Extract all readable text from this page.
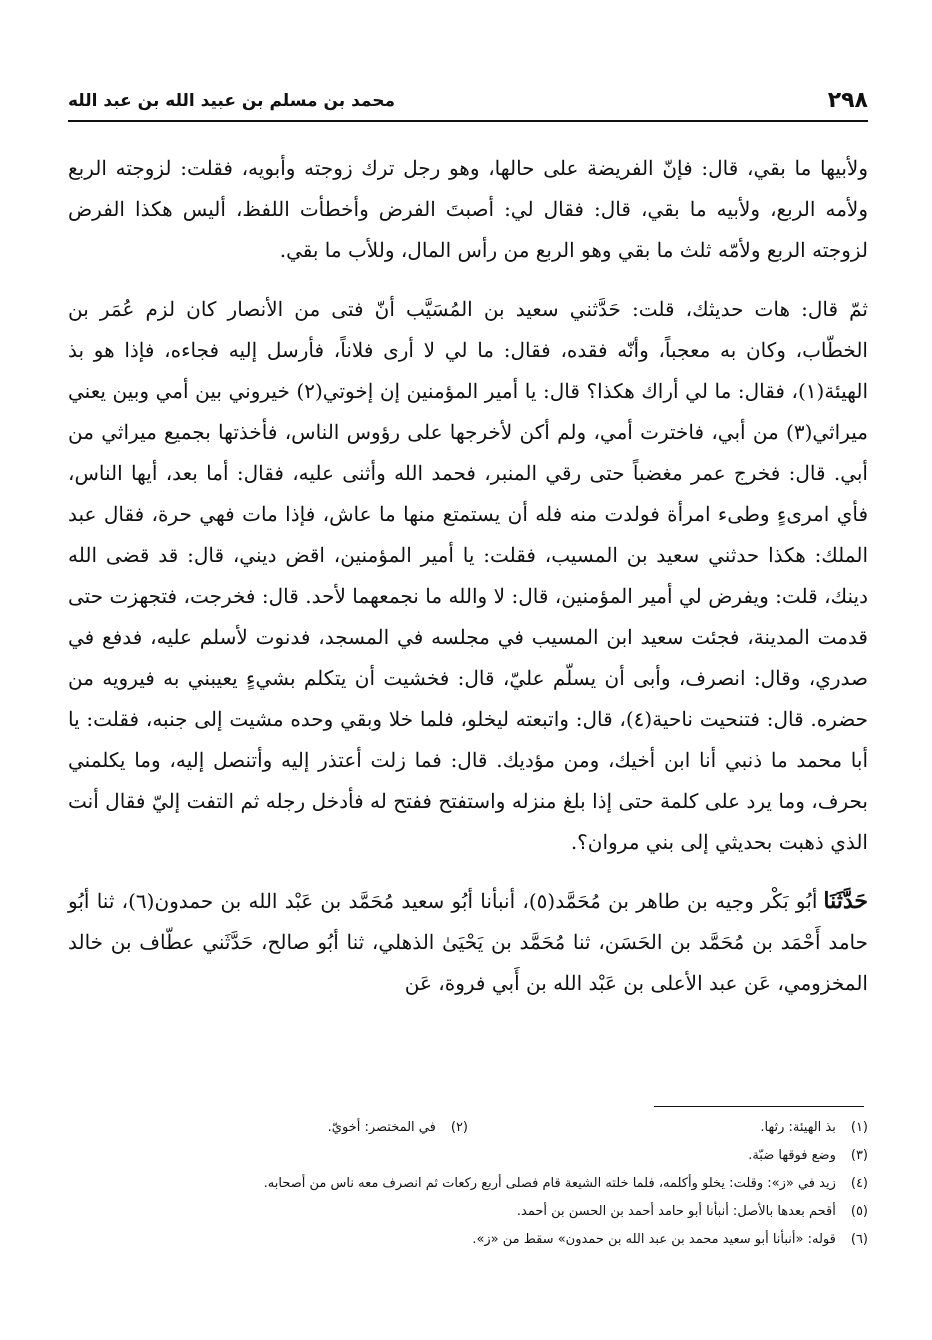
٢٩٨
محمد بن مسلم بن عبيد الله بن عبد الله

ولأبيها ما بقي، قال: فإنّ الفريضة على حالها، وهو رجل ترك زوجته وأبويه، فقلت: لزوجته الربع ولأمه الربع، ولأبيه ما بقي، قال: فقال لي: أصبتَ الفرض وأخطأت اللفظ، أليس هكذا الفرض لزوجته الربع ولأمّه ثلث ما بقي وهو الربع من رأس المال، وللأب ما بقي.

ثمّ قال: هات حديثك، قلت: حَدَّثني سعيد بن المُسَيَّب أنّ فتى من الأنصار كان لزم عُمَر بن الخطّاب، وكان به معجباً، وأنّه فقده، فقال: ما لي لا أرى فلاناً، فأرسل إليه فجاءه، فإذا هو بذ الهيئة(١)، فقال: ما لي أراك هكذا؟ قال: يا أمير المؤمنين إن إخوتي(٢) خيروني بين أمي وبين يعني ميراثي(٣) من أبي، فاخترت أمي، ولم أكن لأخرجها على رؤوس الناس، فأخذتها بجميع ميراثي من أبي. قال: فخرج عمر مغضباً حتى رقي المنبر، فحمد الله وأثنى عليه، فقال: أما بعد، أيها الناس، فأي امرىءٍ وطىء امرأة فولدت منه فله أن يستمتع منها ما عاش، فإذا مات فهي حرة، فقال عبد الملك: هكذا حدثني سعيد بن المسيب، فقلت: يا أمير المؤمنين، اقض ديني، قال: قد قضى الله دينك، قلت: ويفرض لي أمير المؤمنين، قال: لا والله ما نجمعهما لأحد. قال: فخرجت، فتجهزت حتى قدمت المدينة، فجئت سعيد ابن المسيب في مجلسه في المسجد، فدنوت لأسلم عليه، فدفع في صدري، وقال: انصرف، وأبى أن يسلّم عليّ، قال: فخشيت أن يتكلم بشيءٍ يعيبني به فيرويه من حضره. قال: فتنحيت ناحية(٤)، قال: واتبعته ليخلو، فلما خلا وبقي وحده مشيت إلى جنبه، فقلت: يا أبا محمد ما ذنبي أنا ابن أخيك، ومن مؤديك. قال: فما زلت أعتذر إليه وأتنصل إليه، وما يكلمني بحرف، وما يرد على كلمة حتى إذا بلغ منزله واستفتح ففتح له فأدخل رجله ثم التفت إليّ فقال أنت الذي ذهبت بحديثي إلى بني مروان؟.

حَدَّثَنَاأبُو بَكْر وجيه بن طاهر بن مُحَمَّد(٥)، أنبأنا أبُو سعيد مُحَمَّد بن عَبْد الله بن حمدون(٦)، ثنا أبُو حامد أَحْمَد بن مُحَمَّد بن الحَسَن، ثنا مُحَمَّد بن يَحْيَىٰ الذهلي، ثنا أبُو صالح، حَدَّثَني عطّاف بن خالد المخزومي، عَن عبد الأعلى بن عَبْد الله بن أَبي فروة، عَن

(١) بذ الهيئة: رثها.
(٢) في المختصر: أخويّ.
(٣) وضع فوقها ضبّة.
(٤) زيد في «ز»: وقلت: يخلو وأكلمه، فلما خلته الشيعة قام فصلى أربع ركعات ثم انصرف معه ناس من أصحابه.
(٥) أقحم بعدها بالأصل: أنبأنا أبو حامد أحمد بن الحسن بن أحمد.
(٦) قوله: «أنبأنا أبو سعيد محمد بن عبد الله بن حمدون» سقط من «ز».
